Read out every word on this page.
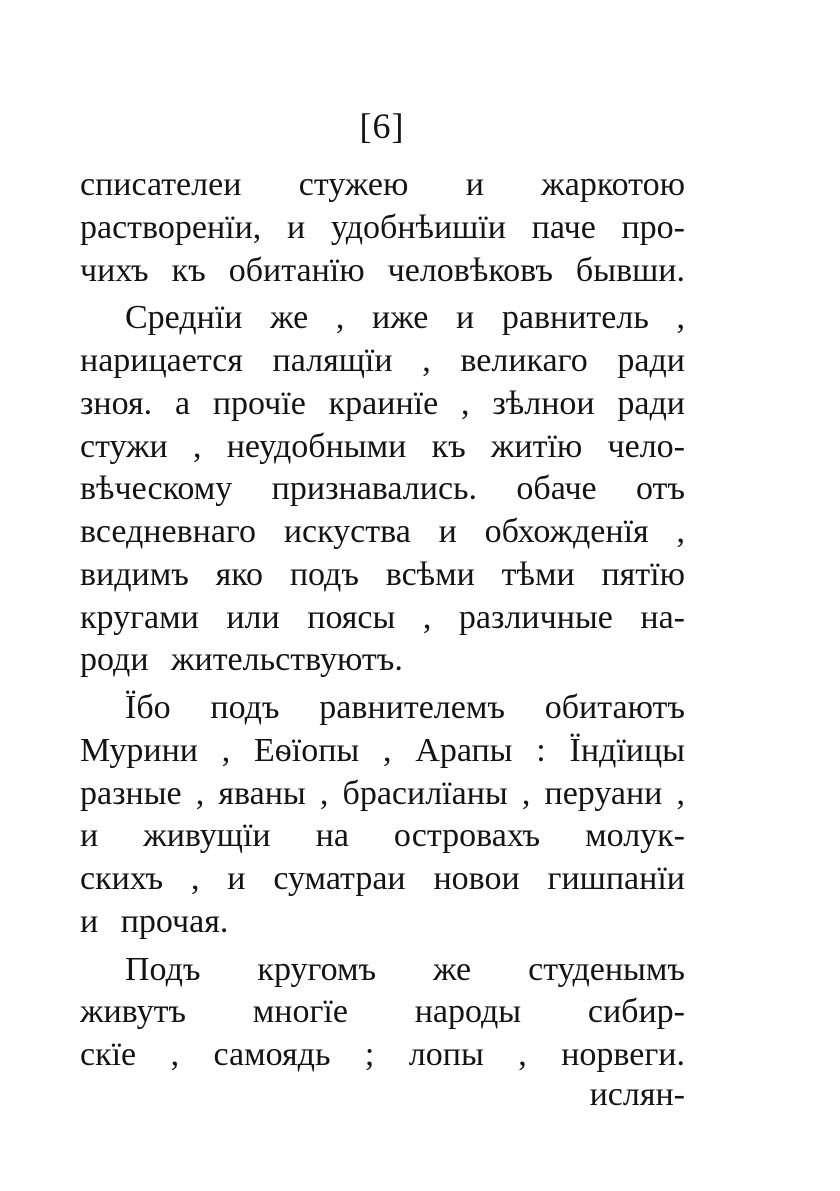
[6]
списателеи стужею и жаркотою
растворенїи, и удобнѣишїи паче про-
чихъ къ обитанїю человѣковъ бывши.
Среднїи же , иже и равнитель ,
нарицается палящїи , великаго ради
зноя. а прочїе краинїе , зѣлнои ради
стужи , неудобными къ житїю чело-
вѣческому признавались. обаче отъ
вседневнаго искуства и обхожденїя ,
видимъ яко подъ всѣми тѣми пятїю
кругами или поясы , различные на-
роди жительствуютъ.
Їбо подъ равнителемъ обитаютъ
Мурини , Еѳїопы , Арапы : Їндїицы
разные , яваны , брасилїаны , перуани ,
и живущїи на островахъ молук-
скихъ , и суматраи новои гишпанїи
и прочая.
Подъ кругомъ же студенымъ
живутъ многїе народы сибир-
скїе , самоядь ; лопы , норвеги.
ислян-
